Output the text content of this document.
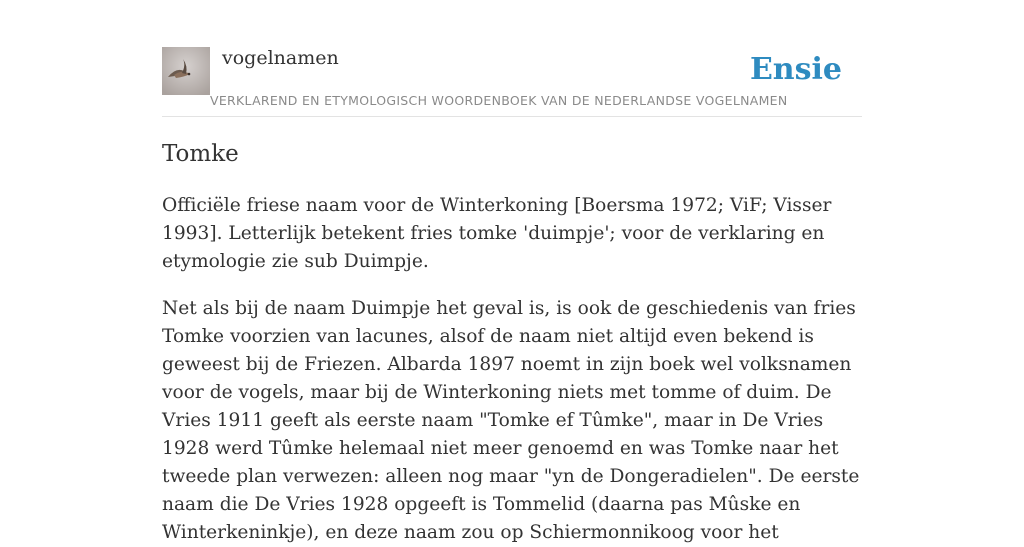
vogelnamen	Ensie
VERKLAREND EN ETYMOLOGISCH WOORDENBOEK VAN DE NEDERLANDSE VOGELNAMEN
Tomke

Officiële friese naam voor de Winterkoning [Boersma 1972; ViF; Visser 1993]. Letterlijk betekent fries tomke 'duimpje'; voor de verklaring en etymologie zie sub Duimpje.

Net als bij de naam Duimpje het geval is, is ook de geschiedenis van fries Tomke voorzien van lacunes, alsof de naam niet altijd even bekend is geweest bij de Friezen. Albarda 1897 noemt in zijn boek wel volksnamen voor de vogels, maar bij de Winterkoning niets met tomme of duim. De Vries 1911 geeft als eerste naam "Tomke ef Tûmke", maar in De Vries 1928 werd Tûmke helemaal niet meer genoemd en was Tomke naar het tweede plan verwezen: alleen nog maar "yn de Dongeradielen". De eerste naam die De Vries 1928 opgeeft is Tommelid (daarna pas Mûske en Winterkeninkje), en deze naam zou op Schiermonnikoog voor het
